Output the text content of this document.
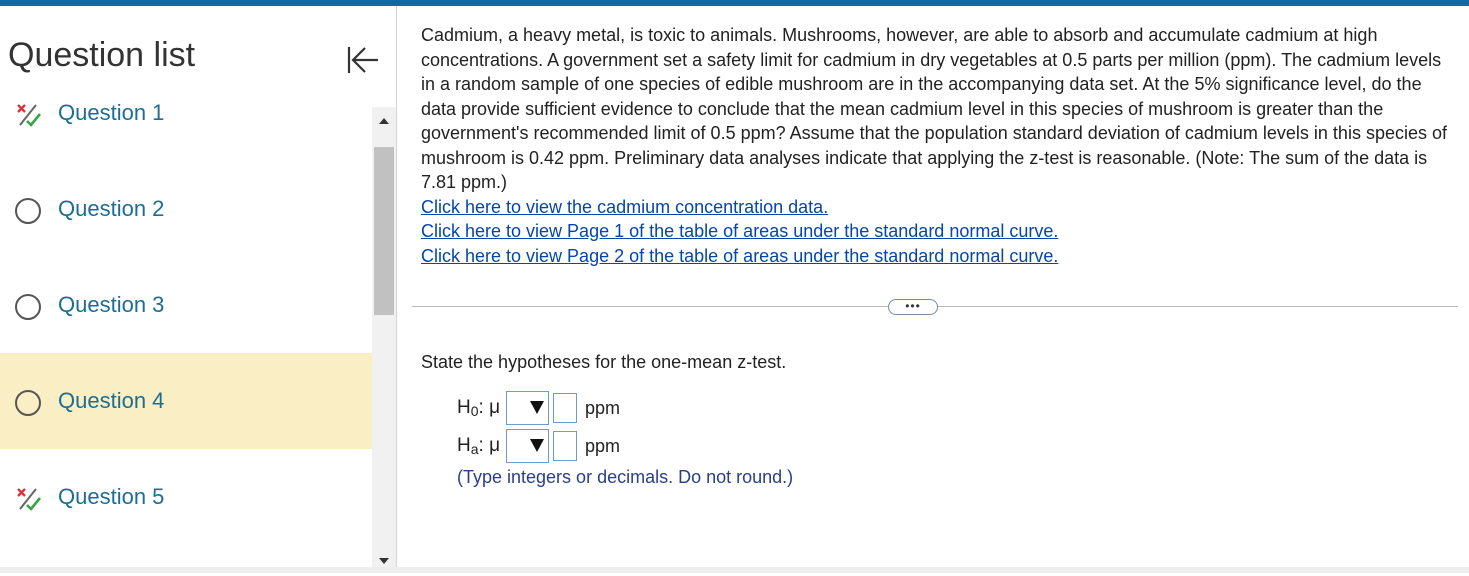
Question list
Question 1
Question 2
Question 3
Question 4
Question 5
Cadmium, a heavy metal, is toxic to animals. Mushrooms, however, are able to absorb and accumulate cadmium at high concentrations. A government set a safety limit for cadmium in dry vegetables at 0.5 parts per million (ppm). The cadmium levels in a random sample of one species of edible mushroom are in the accompanying data set. At the 5% significance level, do the data provide sufficient evidence to conclude that the mean cadmium level in this species of mushroom is greater than the government's recommended limit of 0.5 ppm? Assume that the population standard deviation of cadmium levels in this species of mushroom is 0.42 ppm. Preliminary data analyses indicate that applying the z-test is reasonable. (Note: The sum of the data is 7.81 ppm.)
Click here to view the cadmium concentration data.
Click here to view Page 1 of the table of areas under the standard normal curve.
Click here to view Page 2 of the table of areas under the standard normal curve.
•••
State the hypotheses for the one-mean z-test.
$H_0$: μ	ppm
$H_a$: μ	ppm
(Type integers or decimals. Do not round.)
